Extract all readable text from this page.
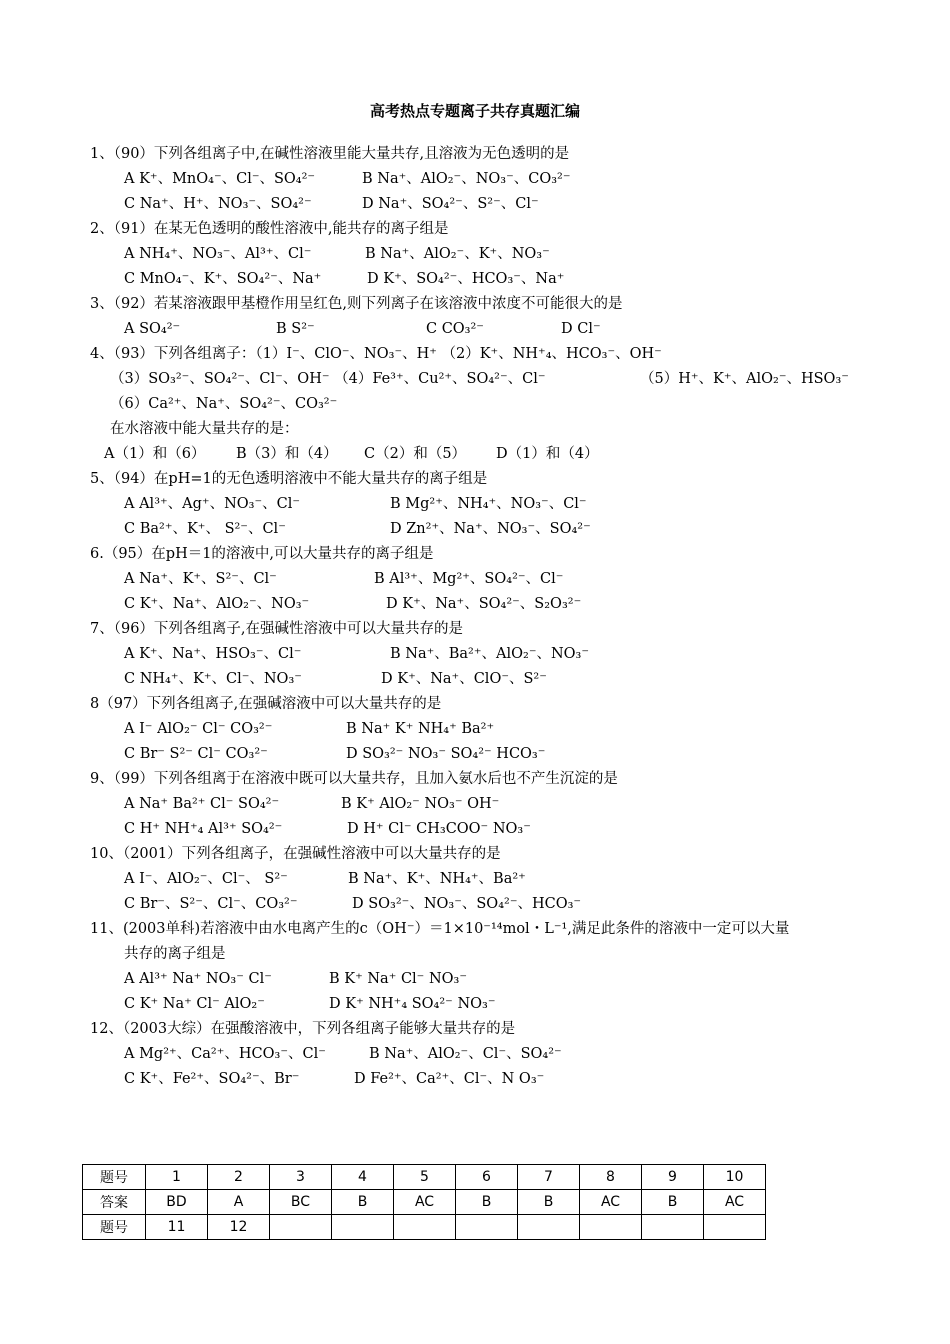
高考热点专题离子共存真题汇编
1、（90）下列各组离子中,在碱性溶液里能大量共存,且溶液为无色透明的是
A K⁺、MnO₄⁻、Cl⁻、SO₄²⁻	B Na⁺、AlO₂⁻、NO₃⁻、CO₃²⁻
C Na⁺、H⁺、NO₃⁻、SO₄²⁻	D Na⁺、SO₄²⁻、S²⁻、Cl⁻
2、（91）在某无色透明的酸性溶液中,能共存的离子组是
A NH₄⁺、NO₃⁻、Al³⁺、Cl⁻	B Na⁺、AlO₂⁻、K⁺、NO₃⁻
C MnO₄⁻、K⁺、SO₄²⁻、Na⁺	D K⁺、SO₄²⁻、HCO₃⁻、Na⁺
3、（92）若某溶液跟甲基橙作用呈红色,则下列离子在该溶液中浓度不可能很大的是
A SO₄²⁻	B S²⁻	C CO₃²⁻	D Cl⁻
4、（93）下列各组离子：（1）I⁻、ClO⁻、NO₃⁻、H⁺ （2）K⁺、NH⁺₄、HCO₃⁻、OH⁻
（3）SO₃²⁻、SO₄²⁻、Cl⁻、OH⁻ （4）Fe³⁺、Cu²⁺、SO₄²⁻、Cl⁻	（5）H⁺、K⁺、AlO₂⁻、HSO₃⁻
（6）Ca²⁺、Na⁺、SO₄²⁻、CO₃²⁻
在水溶液中能大量共存的是：
A（1）和（6） B（3）和（4） C（2）和（5） D（1）和（4）
5、（94）在pH=1的无色透明溶液中不能大量共存的离子组是
A Al³⁺、Ag⁺、NO₃⁻、Cl⁻	B Mg²⁺、NH₄⁺、NO₃⁻、Cl⁻
C Ba²⁺、K⁺、 S²⁻、Cl⁻	D Zn²⁺、Na⁺、NO₃⁻、SO₄²⁻
6.（95）在pH＝1的溶液中,可以大量共存的离子组是
A Na⁺、K⁺、S²⁻、Cl⁻	B Al³⁺、Mg²⁺、SO₄²⁻、Cl⁻
C K⁺、Na⁺、AlO₂⁻、NO₃⁻	D K⁺、Na⁺、SO₄²⁻、S₂O₃²⁻
7、（96）下列各组离子,在强碱性溶液中可以大量共存的是
A K⁺、Na⁺、HSO₃⁻、Cl⁻	B Na⁺、Ba²⁺、AlO₂⁻、NO₃⁻
C NH₄⁺、K⁺、Cl⁻、NO₃⁻	D K⁺、Na⁺、ClO⁻、S²⁻
8（97）下列各组离子,在强碱溶液中可以大量共存的是
A I⁻ AlO₂⁻ Cl⁻ CO₃²⁻	B Na⁺ K⁺ NH₄⁺ Ba²⁺
C Br⁻ S²⁻ Cl⁻ CO₃²⁻	D SO₃²⁻ NO₃⁻ SO₄²⁻ HCO₃⁻
9、（99）下列各组离于在溶液中既可以大量共存，且加入氨水后也不产生沉淀的是
A Na⁺ Ba²⁺ Cl⁻ SO₄²⁻	B K⁺ AlO₂⁻ NO₃⁻ OH⁻
C H⁺ NH⁺₄ Al³⁺ SO₄²⁻	D H⁺ Cl⁻ CH₃COO⁻ NO₃⁻
10、（2001）下列各组离子，在强碱性溶液中可以大量共存的是
A I⁻、AlO₂⁻、Cl⁻、 S²⁻	B Na⁺、K⁺、NH₄⁺、Ba²⁺
C Br⁻、S²⁻、Cl⁻、CO₃²⁻	D SO₃²⁻、NO₃⁻、SO₄²⁻、HCO₃⁻
11、(2003单科)若溶液中由水电离产生的c（OH⁻）＝1×10⁻¹⁴mol・L⁻¹,满足此条件的溶液中一定可以大量
共存的离子组是
A Al³⁺ Na⁺ NO₃⁻ Cl⁻	B K⁺ Na⁺ Cl⁻ NO₃⁻
C K⁺ Na⁺ Cl⁻ AlO₂⁻	D K⁺ NH⁺₄ SO₄²⁻ NO₃⁻
12、（2003大综）在强酸溶液中，下列各组离子能够大量共存的是
A Mg²⁺、Ca²⁺、HCO₃⁻、Cl⁻	B Na⁺、AlO₂⁻、Cl⁻、SO₄²⁻
C K⁺、Fe²⁺、SO₄²⁻、Br⁻	D Fe²⁺、Ca²⁺、Cl⁻、N O₃⁻
题号	1	2	3	4	5	6	7	8	9	10
答案	BD	A	BC	B	AC	B	B	AC	B	AC
题号	11	12								
